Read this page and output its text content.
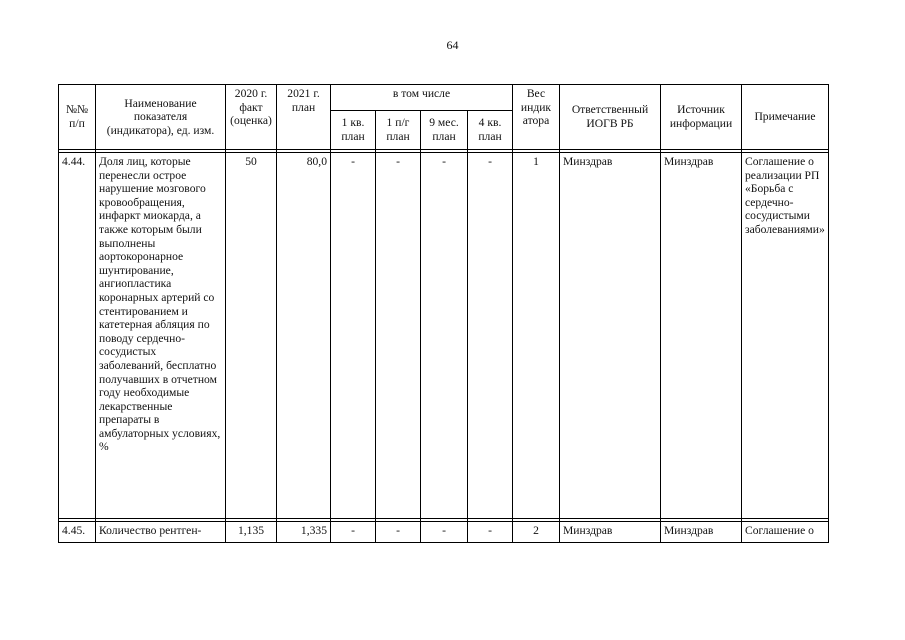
64
№№ п/п	Наименование показателя (индикатора), ед. изм.	2020 г. факт (оценка)	2021 г. план	в том числе				Вес индик атора	Ответственный ИОГВ РБ	Источник информации	Примечание
				1 кв. план	1 п/г план	9 мес. план	4 кв. план				

4.44.	Доля лиц, которые перенесли острое нарушение мозгового кровообращения, инфаркт миокарда, а также которым были выполнены аортокоронарное шунтирование, ангиопластика коронарных артерий со стентированием и катетерная абляция по поводу сердечно-сосудистых заболеваний, бесплатно получавших в отчетном году необходимые лекарственные препараты в амбулаторных условиях, %	50	80,0	-	-	-	-	1	Минздрав	Минздрав	Соглашение о реализации РП «Борьба с сердечно-сосудистыми заболеваниями»

4.45.	Количество рентген-	1,135	1,335	-	-	-	-	2	Минздрав	Минздрав	Соглашение о
